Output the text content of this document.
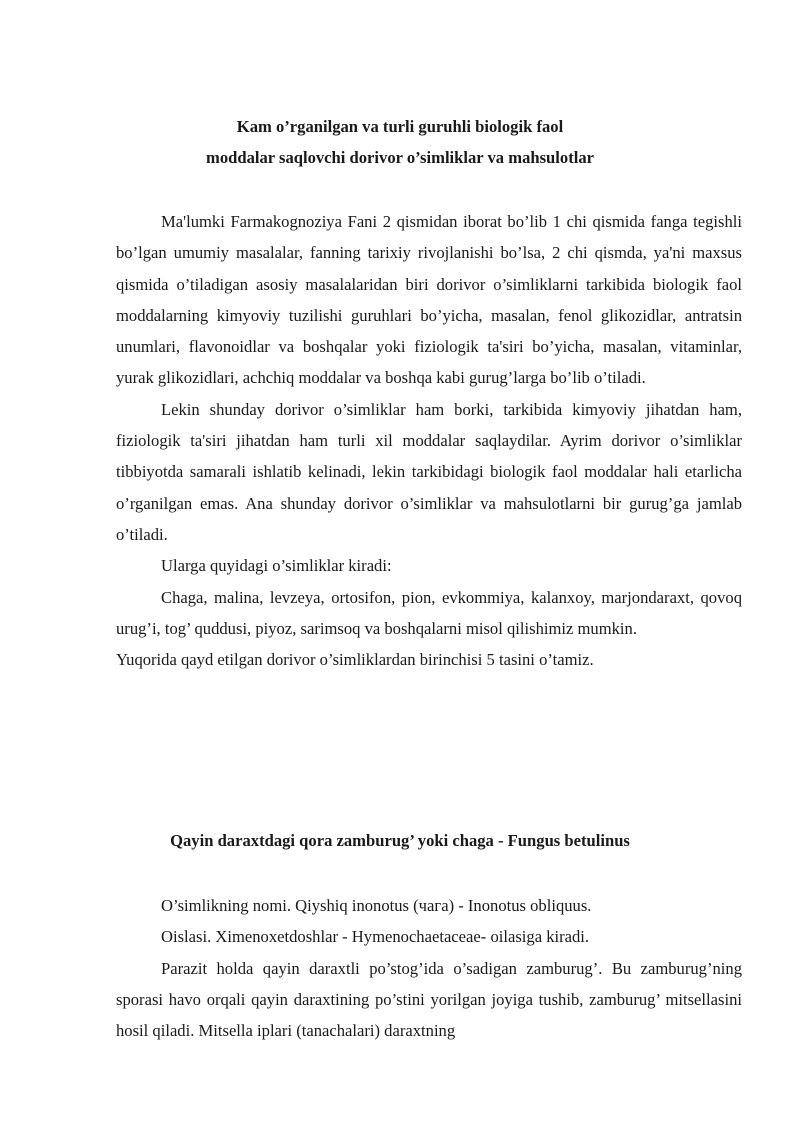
Kam o’rganilgan va turli guruhli biologik faol
moddalar saqlovchi dorivor o’simliklar va mahsulotlar

Ma'lumki Farmakognoziya Fani 2 qismidan iborat bo’lib 1 chi qismida fanga tegishli bo’lgan umumiy masalalar, fanning tarixiy rivojlanishi bo’lsa, 2 chi qismda, ya'ni maxsus qismida o’tiladigan asosiy masalalaridan biri dorivor o’simliklarni tarkibida biologik faol moddalarning kimyoviy tuzilishi guruhlari bo’yicha, masalan, fenol glikozidlar, antratsin unumlari, flavonoidlar va boshqalar yoki fiziologik ta'siri bo’yicha, masalan, vitaminlar, yurak glikozidlari, achchiq moddalar va boshqa kabi gurug’larga bo’lib o’tiladi.

Lekin shunday dorivor o’simliklar ham borki, tarkibida kimyoviy jihatdan ham, fiziologik ta'siri jihatdan ham turli xil moddalar saqlaydilar. Ayrim dorivor o’simliklar tibbiyotda samarali ishlatib kelinadi, lekin tarkibidagi biologik faol moddalar hali etarlicha o’rganilgan emas. Ana shunday dorivor o’simliklar va mahsulotlarni bir gurug’ga jamlab o’tiladi.

Ularga quyidagi o’simliklar kiradi:

Chaga, malina, levzeya, ortosifon, pion, evkommiya, kalanxoy, marjondaraxt, qovoq urug’i, tog’ quddusi, piyoz, sarimsoq va boshqalarni misol qilishimiz mumkin.

Yuqorida qayd etilgan dorivor o’simliklardan birinchisi 5 tasini o’tamiz.

Qayin daraxtdagi qora zamburug’ yoki chaga - Fungus betulinus

O’simlikning nomi. Qiyshiq inonotus (чага) - Inonotus obliquus.

Oislasi. Ximenoxetdoshlar - Hymenochaetaceae- oilasiga kiradi.

Parazit holda qayin daraxtli po’stog’ida o’sadigan zamburug’. Bu zamburug’ning sporasi havo orqali qayin daraxtining po’stini yorilgan joyiga tushib, zamburug’ mitsellasini hosil qiladi. Mitsella iplari (tanachalari) daraxtning
